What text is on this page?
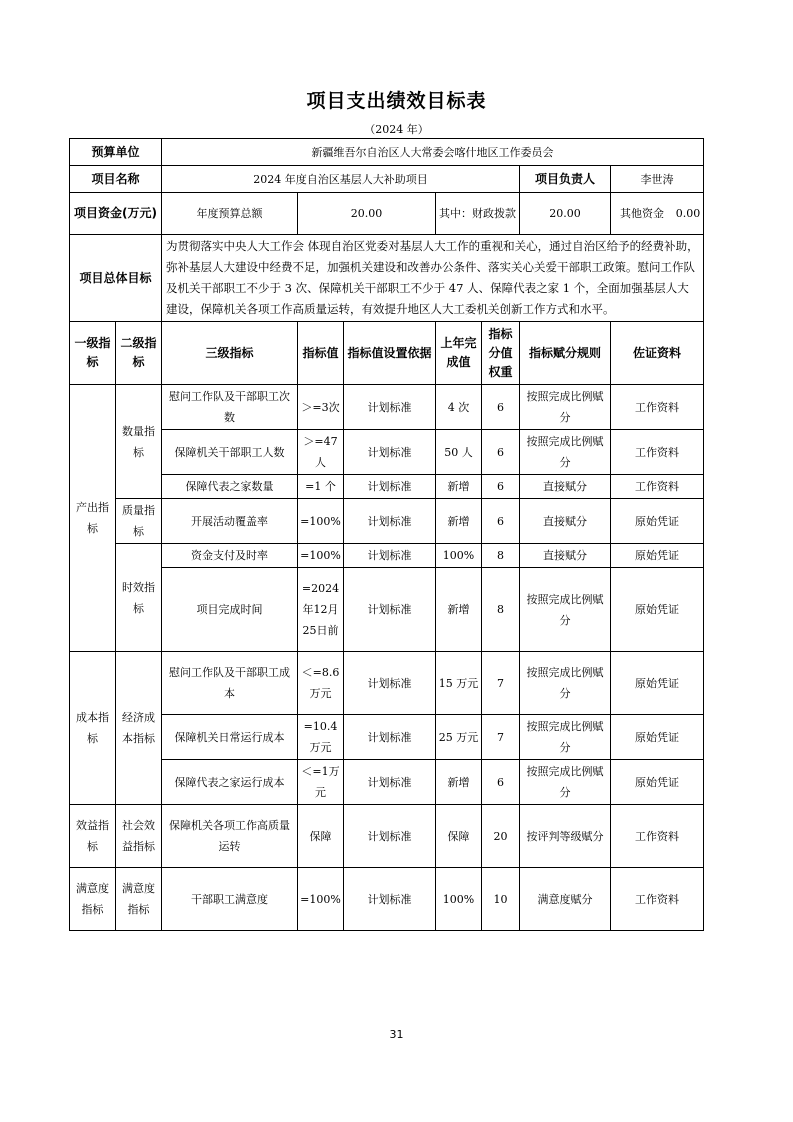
项目支出绩效目标表
（2024 年）
预算单位		新疆维吾尔自治区人大常委会喀什地区工作委员会						
项目名称		2024 年度自治区基层人大补助项目					项目负责人	李世涛
项目资金(万元)		年度预算总额	20.00		其中：财政拨款		20.00	其他资金 0.00

项目总体目标		为贯彻落实中央人大工作会 体现自治区党委对基层人大工作的重视和关心，通过自治区给予的经费补助，弥补基层人大建设中经费不足，加强机关建设和改善办公条件、落实关心关爱干部职工政策。慰问工作队及机关干部职工不少于 3 次、保障机关干部职工不少于 47 人、保障代表之家 1 个，全面加强基层人大建设，保障机关各项工作高质量运转，有效提升地区人大工委机关创新工作方式和水平。						
一级指标	二级指标	三级指标	指标值	指标值设置依据	上年完成值	指标分值权重	指标赋分规则	佐证资料
产出指标	数量指标	慰问工作队及干部职工次数	＞=3次	计划标准	4 次	6	按照完成比例赋分	工作资料
		保障机关干部职工人数	＞=47人	计划标准	50 人	6	按照完成比例赋分	工作资料
		保障代表之家数量	=1 个	计划标准	新增	6	直接赋分	工作资料
	质量指标	开展活动覆盖率	=100%	计划标准	新增	6	直接赋分	原始凭证
	时效指标	资金支付及时率	=100%	计划标准	100%	8	直接赋分	原始凭证
		项目完成时间	=2024年12月25日前	计划标准	新增	8	按照完成比例赋分	原始凭证
成本指标	经济成本指标	慰问工作队及干部职工成本	＜=8.6万元	计划标准	15 万元	7	按照完成比例赋分	原始凭证
		保障机关日常运行成本	=10.4万元	计划标准	25 万元	7	按照完成比例赋分	原始凭证
		保障代表之家运行成本	＜=1万元	计划标准	新增	6	按照完成比例赋分	原始凭证
效益指标	社会效益指标	保障机关各项工作高质量运转	保障	计划标准	保障	20	按评判等级赋分	工作资料
满意度指标	满意度指标	干部职工满意度	=100%	计划标准	100%	10	满意度赋分	工作资料
31
